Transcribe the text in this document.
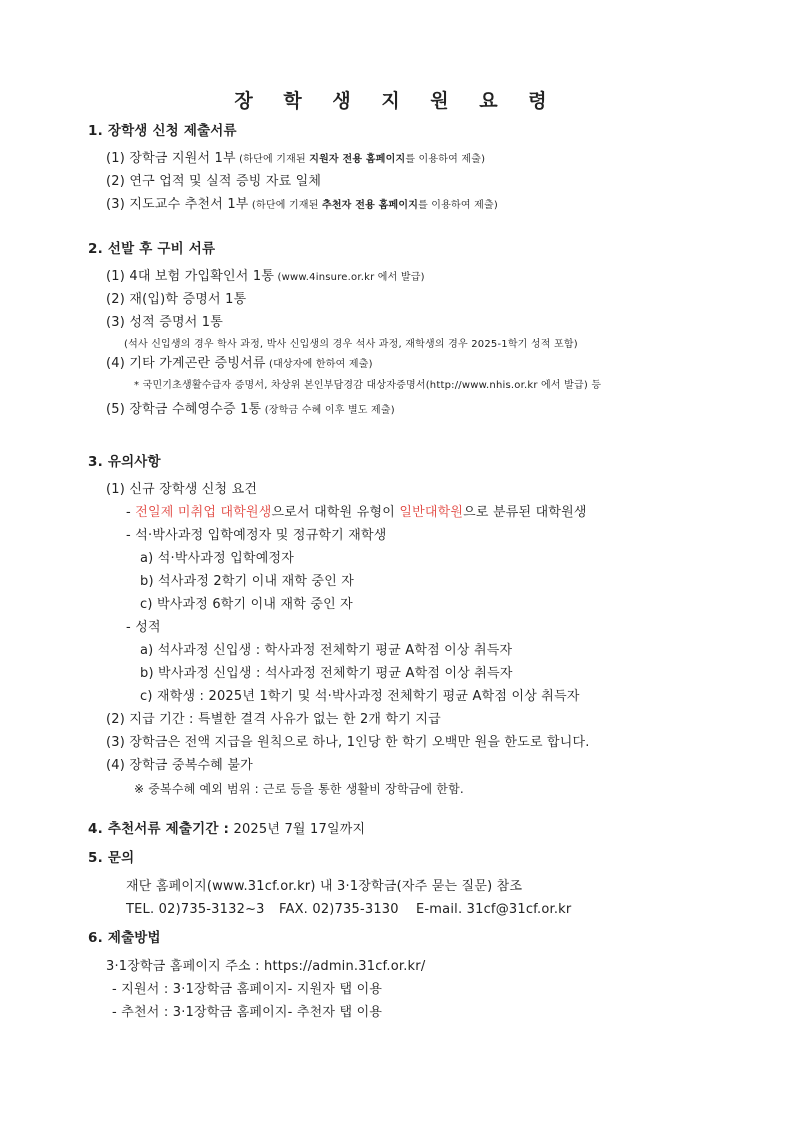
장 학 생 지 원 요 령
1. 장학생 신청 제출서류
(1) 장학금 지원서 1부 (하단에 기재된 지원자 전용 홈페이지를 이용하여 제출)
(2) 연구 업적 및 실적 증빙 자료 일체
(3) 지도교수 추천서 1부 (하단에 기재된 추천자 전용 홈페이지를 이용하여 제출)
2. 선발 후 구비 서류
(1) 4대 보험 가입확인서 1통 (www.4insure.or.kr 에서 발급)
(2) 재(입)학 증명서 1통
(3) 성적 증명서 1통
(석사 신입생의 경우 학사 과정, 박사 신입생의 경우 석사 과정, 재학생의 경우 2025-1학기 성적 포함)
(4) 기타 가계곤란 증빙서류 (대상자에 한하여 제출)
* 국민기초생활수급자 증명서, 차상위 본인부담경감 대상자증명서(http://www.nhis.or.kr 에서 발급) 등
(5) 장학금 수혜영수증 1통 (장학금 수혜 이후 별도 제출)
3. 유의사항
(1) 신규 장학생 신청 요건
- 전일제 미취업 대학원생으로서 대학원 유형이 일반대학원으로 분류된 대학원생
- 석·박사과정 입학예정자 및 정규학기 재학생
a) 석·박사과정 입학예정자
b) 석사과정 2학기 이내 재학 중인 자
c) 박사과정 6학기 이내 재학 중인 자
- 성적
a) 석사과정 신입생 : 학사과정 전체학기 평균 A학점 이상 취득자
b) 박사과정 신입생 : 석사과정 전체학기 평균 A학점 이상 취득자
c) 재학생 : 2025년 1학기 및 석·박사과정 전체학기 평균 A학점 이상 취득자
(2) 지급 기간 : 특별한 결격 사유가 없는 한 2개 학기 지급
(3) 장학금은 전액 지급을 원칙으로 하나, 1인당 한 학기 오백만 원을 한도로 합니다.
(4) 장학금 중복수혜 불가
※ 중복수혜 예외 범위 : 근로 등을 통한 생활비 장학금에 한함.
4. 추천서류 제출기간 : 2025년 7월 17일까지
5. 문의
재단 홈페이지(www.31cf.or.kr) 내 3·1장학금(자주 묻는 질문) 참조
TEL. 02)735-3132~3 FAX. 02)735-3130 E-mail. 31cf@31cf.or.kr
6. 제출방법
3·1장학금 홈페이지 주소 : https://admin.31cf.or.kr/
- 지원서 : 3·1장학금 홈페이지- 지원자 탭 이용
- 추천서 : 3·1장학금 홈페이지- 추천자 탭 이용
